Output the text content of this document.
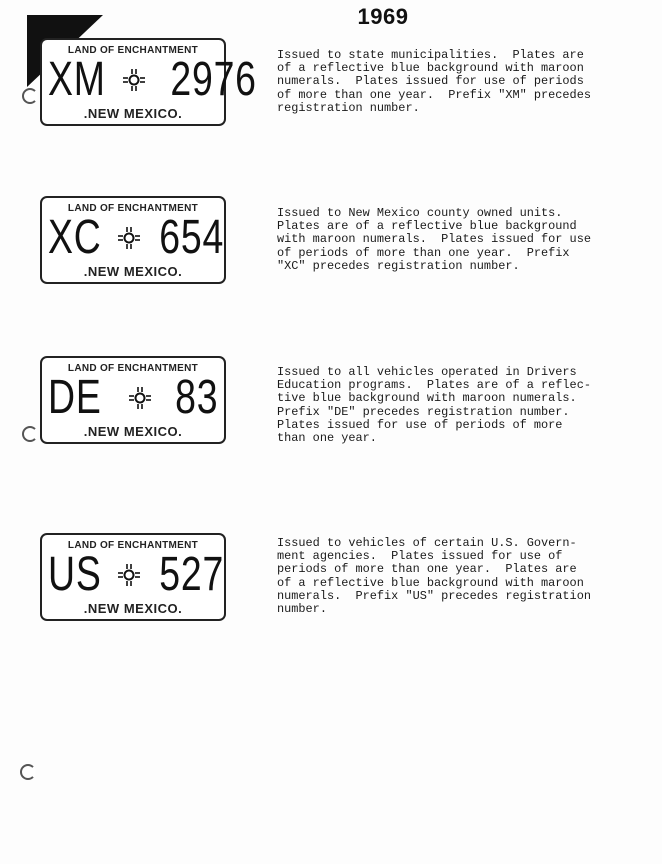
1969
LAND OF ENCHANTMENT
XM 2976
.NEW MEXICO.
Issued to state municipalities.  Plates are
of a reflective blue background with maroon
numerals.  Plates issued for use of periods
of more than one year.  Prefix "XM" precedes
registration number.
LAND OF ENCHANTMENT
XC 654
.NEW MEXICO.
Issued to New Mexico county owned units.
Plates are of a reflective blue background
with maroon numerals.  Plates issued for use
of periods of more than one year.  Prefix
"XC" precedes registration number.
LAND OF ENCHANTMENT
DE 83
.NEW MEXICO.
Issued to all vehicles operated in Drivers
Education programs.  Plates are of a reflec-
tive blue background with maroon numerals.
Prefix "DE" precedes registration number.
Plates issued for use of periods of more
than one year.
LAND OF ENCHANTMENT
US 527
.NEW MEXICO.
Issued to vehicles of certain U.S. Govern-
ment agencies.  Plates issued for use of
periods of more than one year.  Plates are
of a reflective blue background with maroon
numerals.  Prefix "US" precedes registration
number.
